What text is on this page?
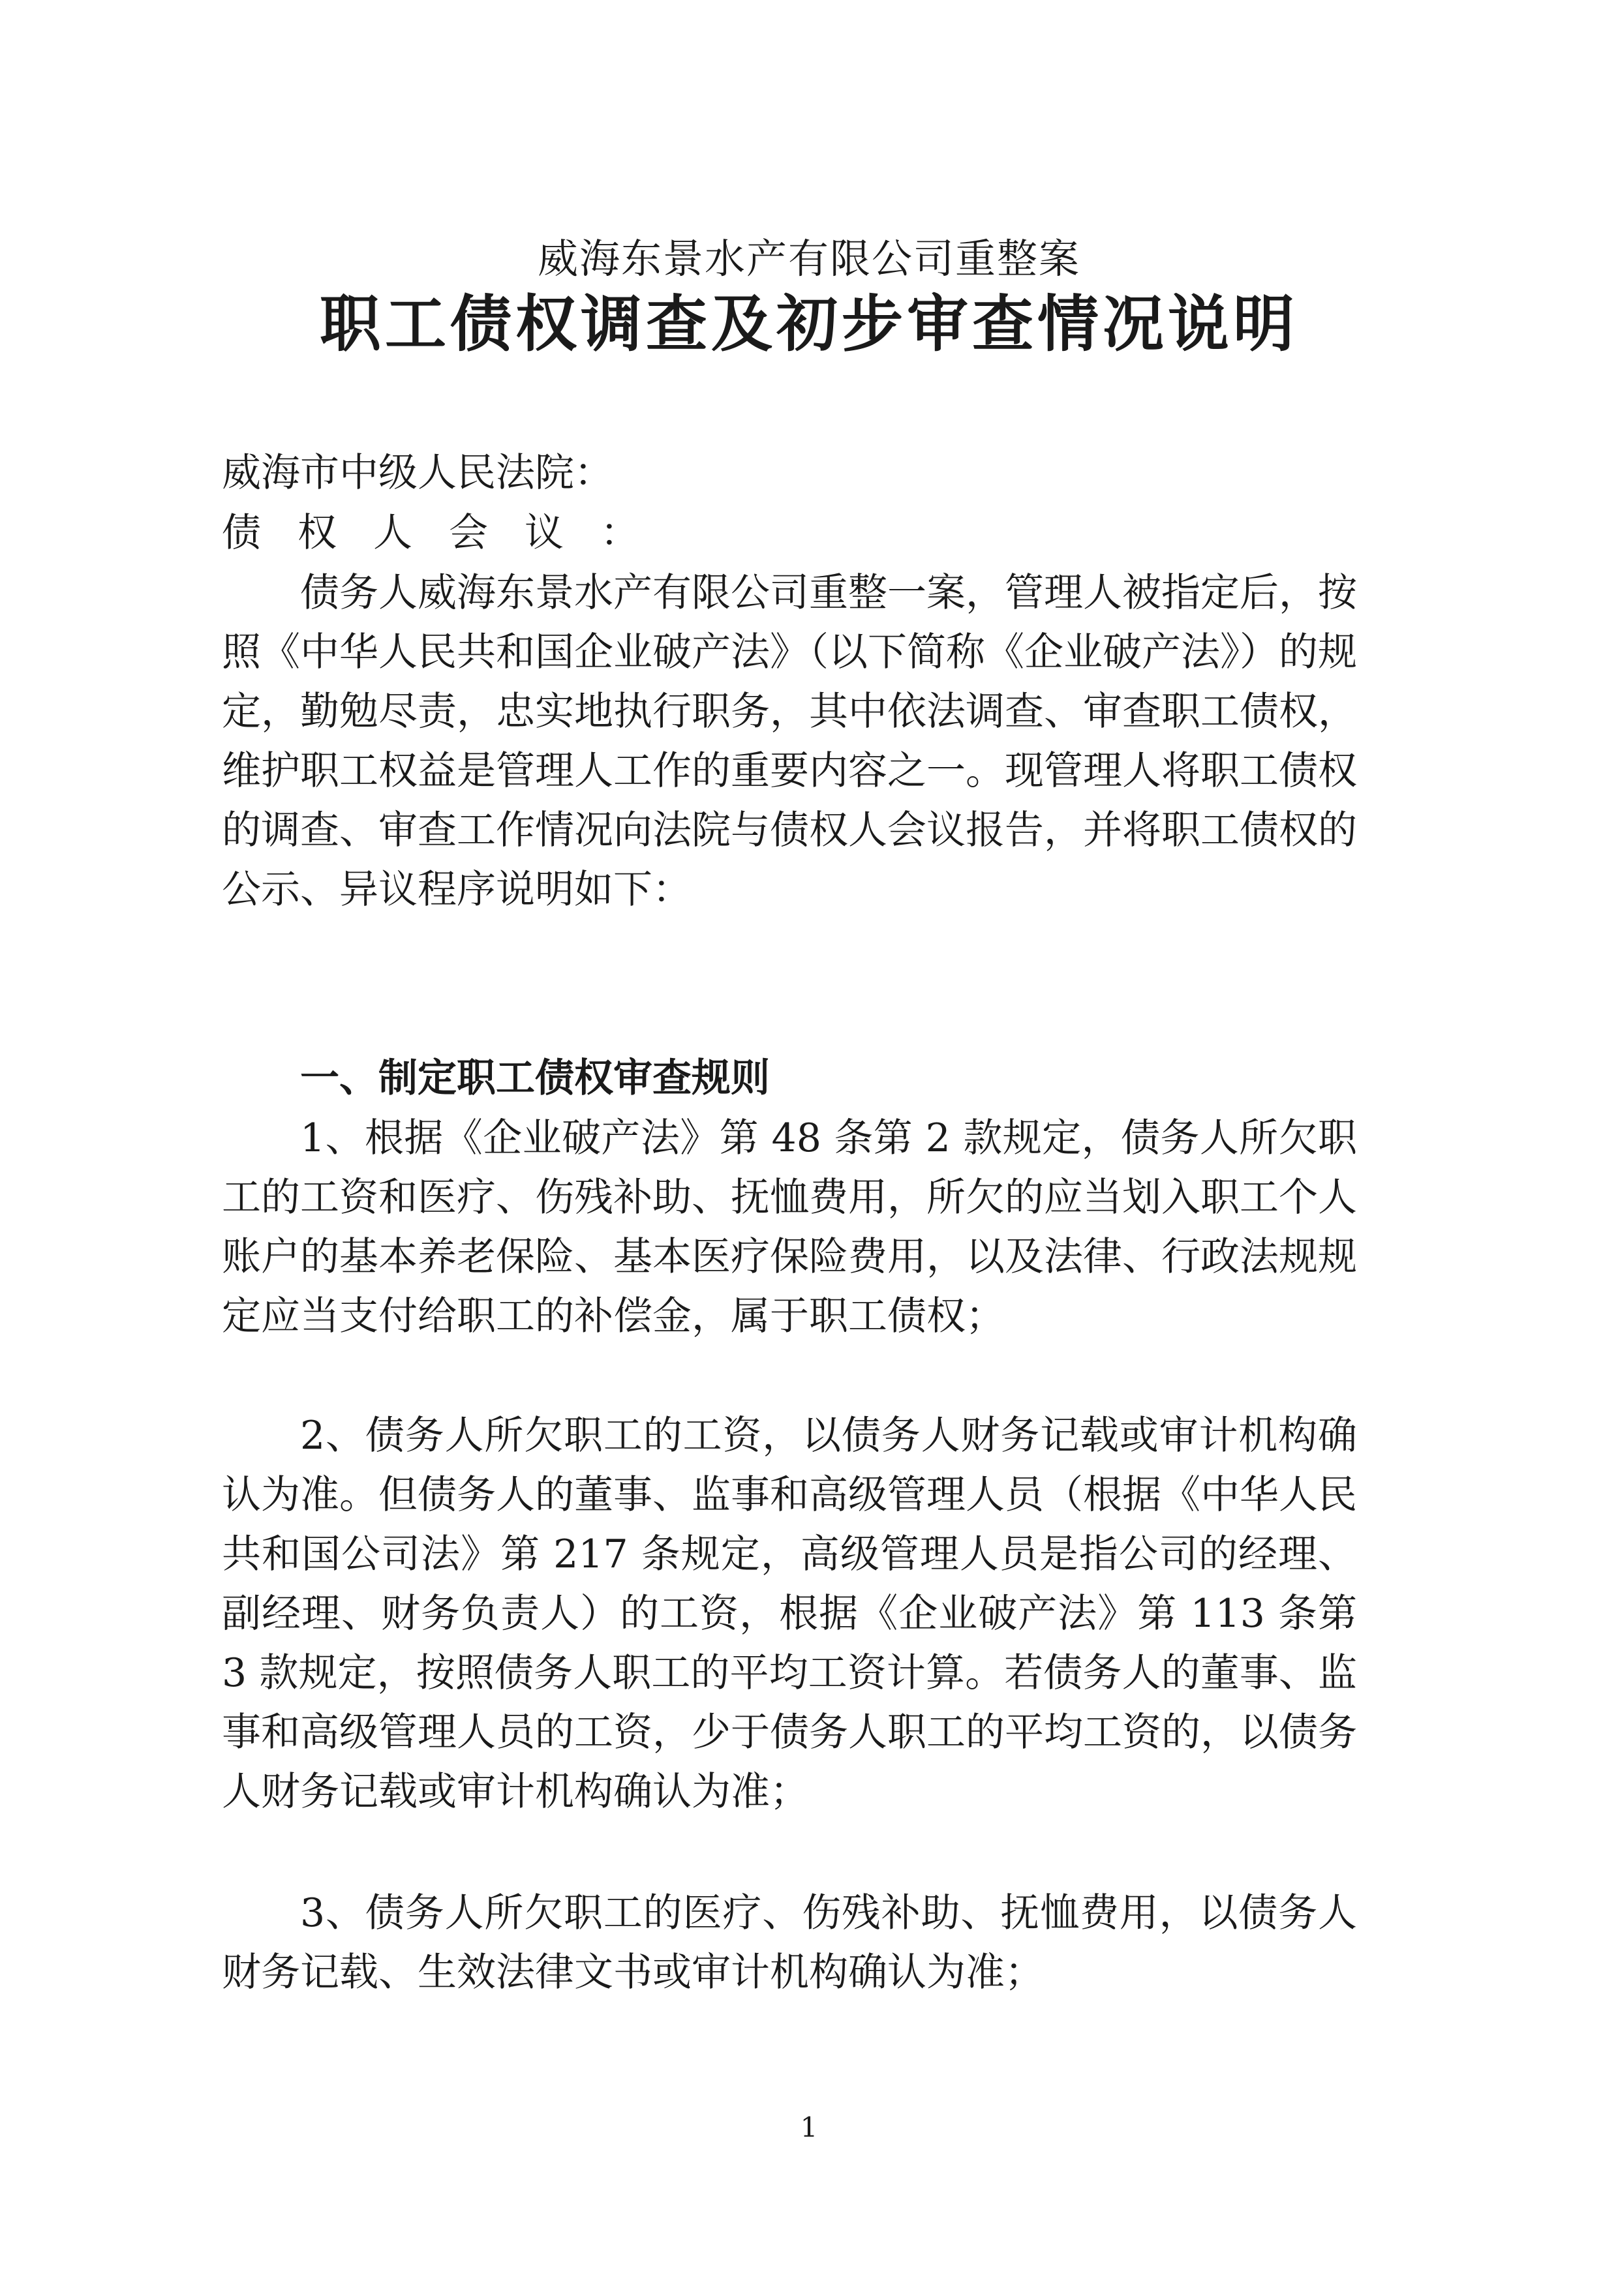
威海东景水产有限公司重整案
职工债权调查及初步审查情况说明
威海市中级人民法院：
债权人会议：

债务人威海东景水产有限公司重整一案，管理人被指定后，按照《中华人民共和国企业破产法》（以下简称《企业破产法》）的规定，勤勉尽责，忠实地执行职务，其中依法调查、审查职工债权，维护职工权益是管理人工作的重要内容之一。现管理人将职工债权的调查、审查工作情况向法院与债权人会议报告，并将职工债权的公示、异议程序说明如下：

一、制定职工债权审查规则

1、根据《企业破产法》第 48 条第 2 款规定，债务人所欠职工的工资和医疗、伤残补助、抚恤费用，所欠的应当划入职工个人账户的基本养老保险、基本医疗保险费用，以及法律、行政法规规定应当支付给职工的补偿金，属于职工债权；

2、债务人所欠职工的工资，以债务人财务记载或审计机构确认为准。但债务人的董事、监事和高级管理人员（根据《中华人民共和国公司法》第 217 条规定，高级管理人员是指公司的经理、副经理、财务负责人）的工资，根据《企业破产法》第 113 条第 3 款规定，按照债务人职工的平均工资计算。若债务人的董事、监事和高级管理人员的工资，少于债务人职工的平均工资的，以债务人财务记载或审计机构确认为准；

3、债务人所欠职工的医疗、伤残补助、抚恤费用，以债务人财务记载、生效法律文书或审计机构确认为准；

1
